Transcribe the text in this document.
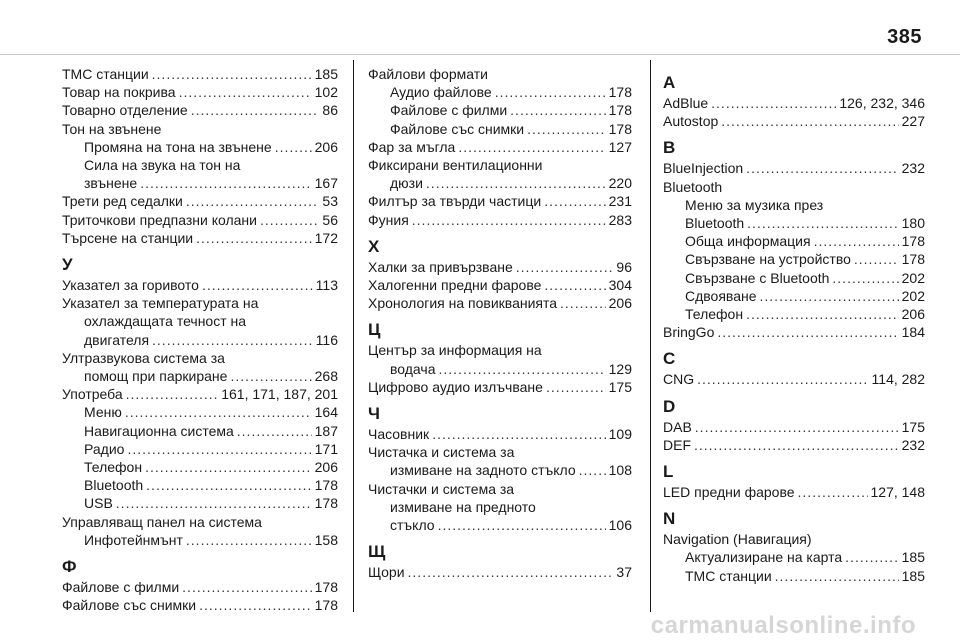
385
TMC станции .....	185
Товар на покрива .....	102
Товарно отделение .....	86
Тон на звънене
Промяна на тона на звънене .....	206
Сила на звука на тон на
звънене .....	167
Трети ред седалки .....	53
Триточкови предпазни колани .....	56
Търсене на станции .....	172
У
Указател за горивото .....	113
Указател за температурата на
охлаждащата течност на
двигателя .....	116
Ултразвукова система за
помощ при паркиране .....	268
Употреба .....	161, 171, 187, 201
Меню .....	164
Навигационна система .....	187
Радио .....	171
Телефон .....	206
Bluetooth .....	178
USB .....	178
Управляващ панел на система
Инфотейнмънт .....	158
Ф
Файлове с филми .....	178
Файлове със снимки .....	178
Файлови формати
Аудио файлове .....	178
Файлове с филми .....	178
Файлове със снимки .....	178
Фар за мъгла .....	127
Фиксирани вентилационни
дюзи .....	220
Филтър за твърди частици .....	231
Фуния .....	283
Х
Халки за привързване .....	96
Халогенни предни фарове .....	304
Хронология на повикванията .....	206
Ц
Център за информация на
водача .....	129
Цифрово аудио излъчване .....	175
Ч
Часовник .....	109
Чистачка и система за
измиване на задното стъкло ..... 108
Чистачки и система за
измиване на предното
стъкло .....	106
Щ
Щори .....	37
A
AdBlue .....	126, 232, 346
Autostop .....	227
B
BlueInjection .....	232
Bluetooth
Меню за музика през
Bluetooth .....	180
Обща информация .....	178
Свързване на устройство .....	178
Свързване с Bluetooth .....	202
Сдвояване .....	202
Телефон .....	206
BringGo .....	184
C
CNG .....	114, 282
D
DAB .....	175
DEF .....	232
L
LED предни фарове .....	127, 148
N
Navigation (Навигация)
Актуализиране на карта .....	185
TMC станции .....	185
carmanualsonline.info
